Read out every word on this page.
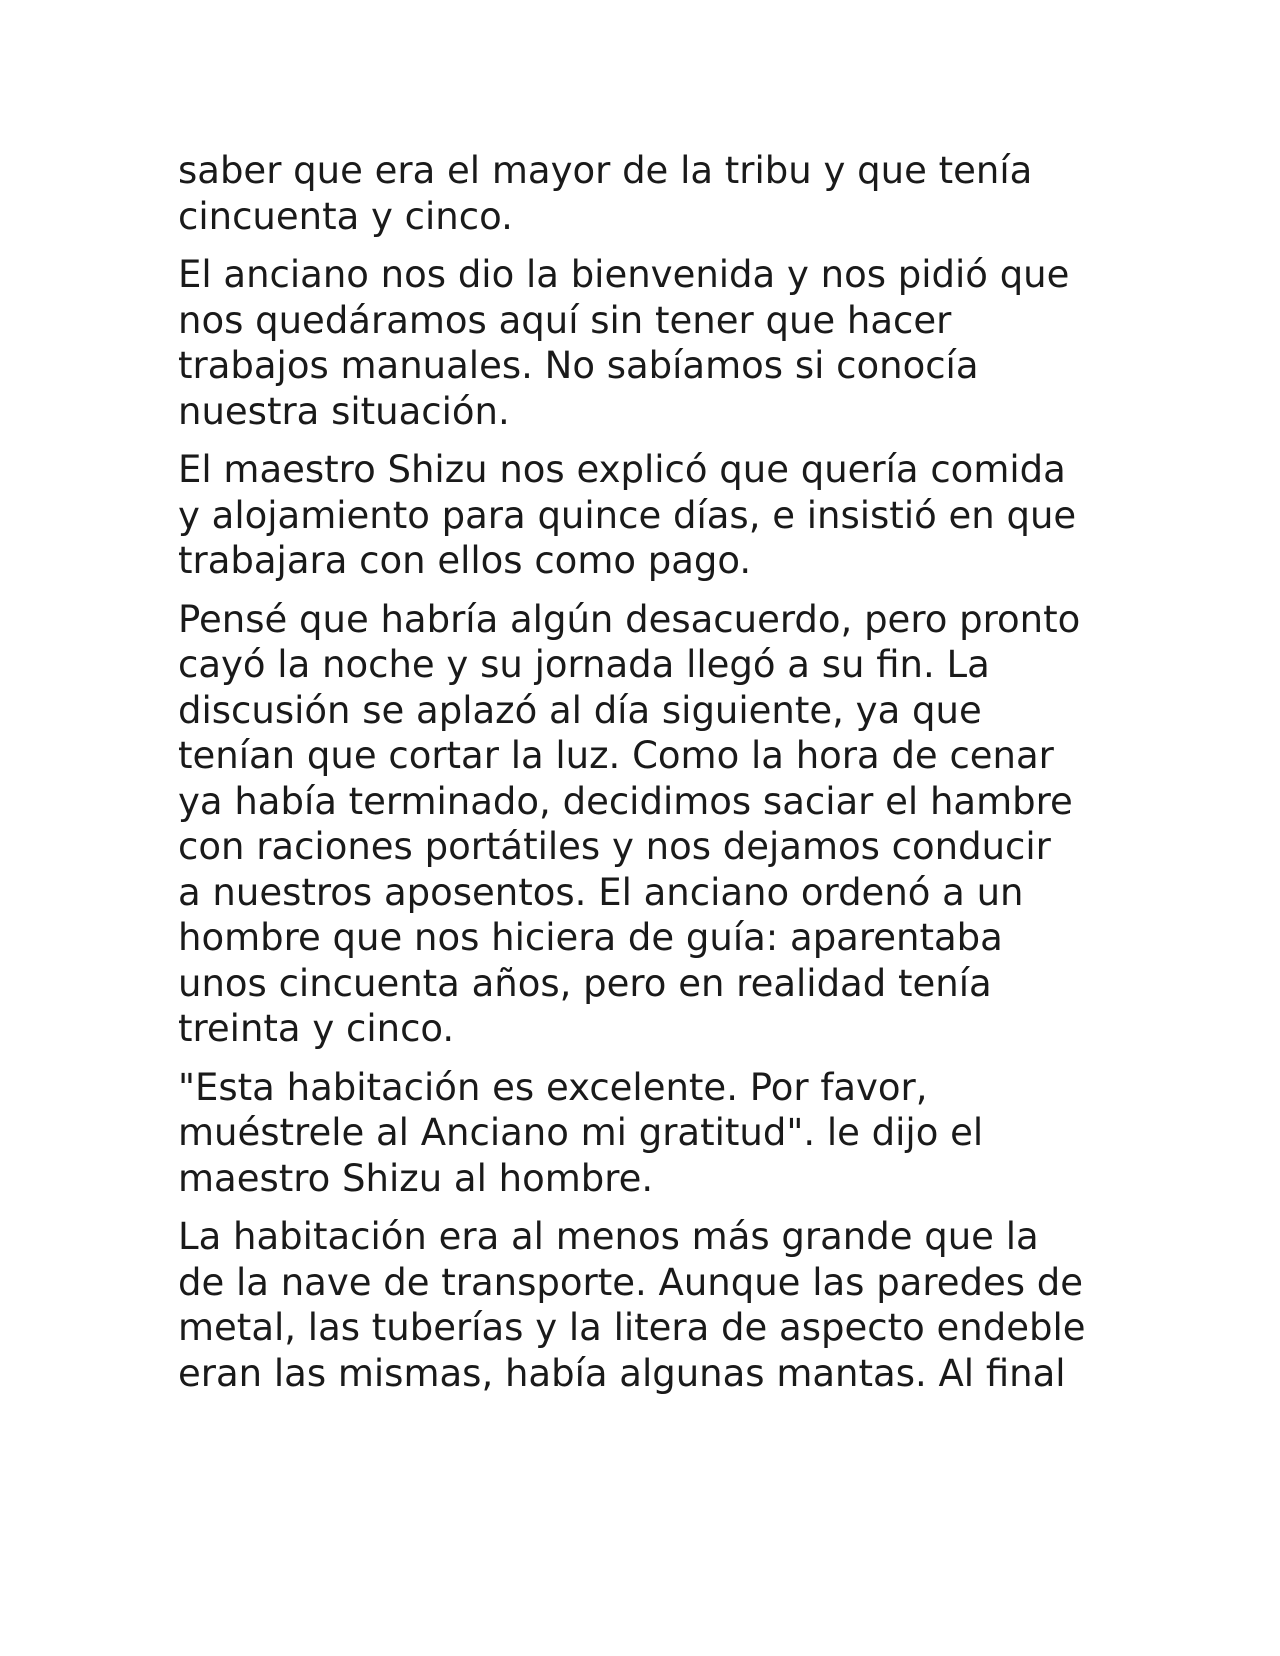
saber que era el mayor de la tribu y que tenía
cincuenta y cinco.

El anciano nos dio la bienvenida y nos pidió que
nos quedáramos aquí sin tener que hacer
trabajos manuales. No sabíamos si conocía
nuestra situación.

El maestro Shizu nos explicó que quería comida
y alojamiento para quince días, e insistió en que
trabajara con ellos como pago.

Pensé que habría algún desacuerdo, pero pronto
cayó la noche y su jornada llegó a su fin. La
discusión se aplazó al día siguiente, ya que
tenían que cortar la luz. Como la hora de cenar
ya había terminado, decidimos saciar el hambre
con raciones portátiles y nos dejamos conducir
a nuestros aposentos. El anciano ordenó a un
hombre que nos hiciera de guía: aparentaba
unos cincuenta años, pero en realidad tenía
treinta y cinco.

"Esta habitación es excelente. Por favor,
muéstrele al Anciano mi gratitud". le dijo el
maestro Shizu al hombre.

La habitación era al menos más grande que la
de la nave de transporte. Aunque las paredes de
metal, las tuberías y la litera de aspecto endeble
eran las mismas, había algunas mantas. Al final
